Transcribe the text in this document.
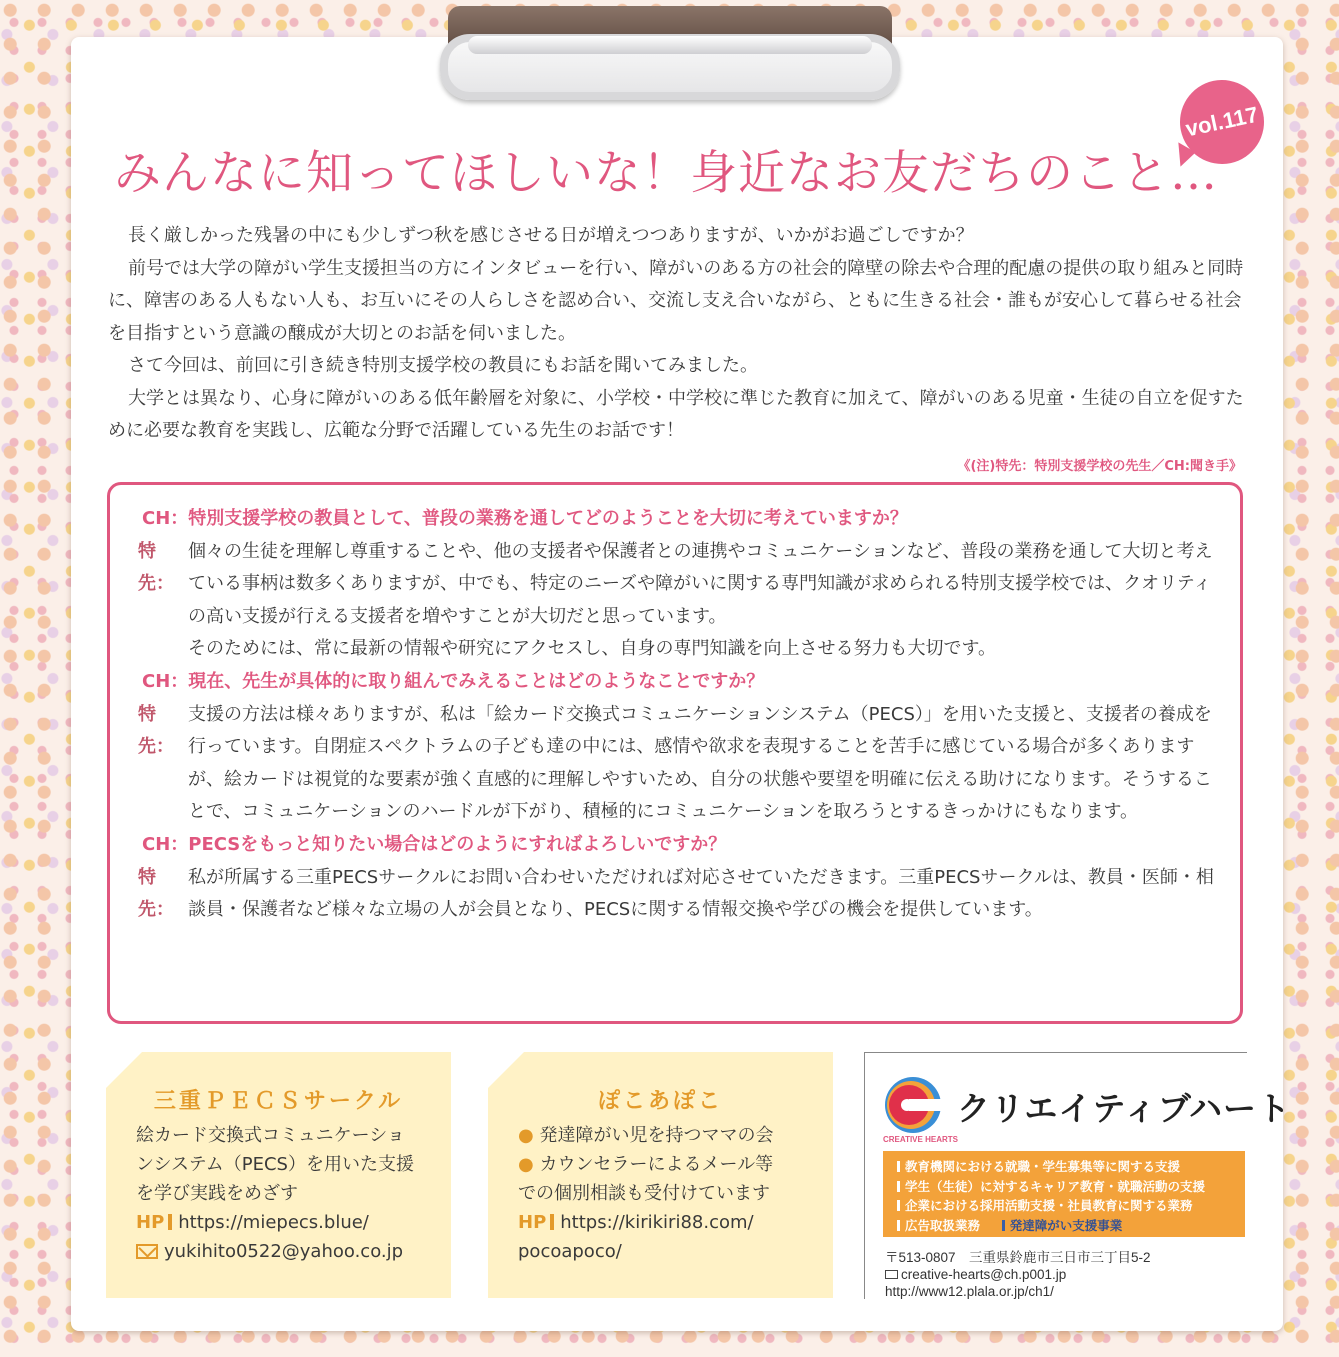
vol.117
みんなに知ってほしいな！身近なお友だちのこと…

長く厳しかった残暑の中にも少しずつ秋を感じさせる日が増えつつありますが、いかがお過ごしですか？

前号では大学の障がい学生支援担当の方にインタビューを行い、障がいのある方の社会的障壁の除去や合理的配慮の提供の取り組みと同時に、障害のある人もない人も、お互いにその人らしさを認め合い、交流し支え合いながら、ともに生きる社会・誰もが安心して暮らせる社会を目指すという意識の醸成が大切とのお話を伺いました。

さて今回は、前回に引き続き特別支援学校の教員にもお話を聞いてみました。

大学とは異なり、心身に障がいのある低年齢層を対象に、小学校・中学校に準じた教育に加えて、障がいのある児童・生徒の自立を促すために必要な教育を実践し、広範な分野で活躍している先生のお話です！

《(注)特先：特別支援学校の先生／CH:聞き手》
CH：特別支援学校の教員として、普段の業務を通してどのようことを大切に考えていますか？
特先：

個々の生徒を理解し尊重することや、他の支援者や保護者との連携やコミュニケーションなど、普段の業務を通して大切と考えている事柄は数多くありますが、中でも、特定のニーズや障がいに関する専門知識が求められる特別支援学校では、クオリティの高い支援が行える支援者を増やすことが大切だと思っています。

そのためには、常に最新の情報や研究にアクセスし、自身の専門知識を向上させる努力も大切です。

CH：現在、先生が具体的に取り組んでみえることはどのようなことですか？
特先：

支援の方法は様々ありますが、私は「絵カード交換式コミュニケーションシステム（PECS）」を用いた支援と、支援者の養成を行っています。自閉症スペクトラムの子ども達の中には、感情や欲求を表現することを苦手に感じている場合が多くありますが、絵カードは視覚的な要素が強く直感的に理解しやすいため、自分の状態や要望を明確に伝える助けになります。そうすることで、コミュニケーションのハードルが下がり、積極的にコミュニケーションを取ろうとするきっかけにもなります。

CH：PECSをもっと知りたい場合はどのようにすればよろしいですか？
特先：

私が所属する三重PECSサークルにお問い合わせいただければ対応させていただきます。三重PECSサークルは、教員・医師・相談員・保護者など様々な立場の人が会員となり、PECSに関する情報交換や学びの機会を提供しています。

三重ＰＥＣＳサークル

絵カード交換式コミュニケーショ

ンシステム（PECS）を用いた支援

を学び実践をめざす

HP https://miepecs.blue/

yukihito0522@yahoo.co.jp

ぽこあぽこ

● 発達障がい児を持つママの会

● カウンセラーによるメール等

での個別相談も受付けています

HP https://kirikiri88.com/

pocoapoco/

クリエイティブハート
CREATIVE HEARTS
教育機関における就職・学生募集等に関する支援
学生（生徒）に対するキャリア教育・就職活動の支援
企業における採用活動支援・社員教育に関する業務
広告取扱業務 発達障がい支援事業

〒513-0807　三重県鈴鹿市三日市三丁目5-2

creative-hearts@ch.p001.jp

http://www12.plala.or.jp/ch1/
